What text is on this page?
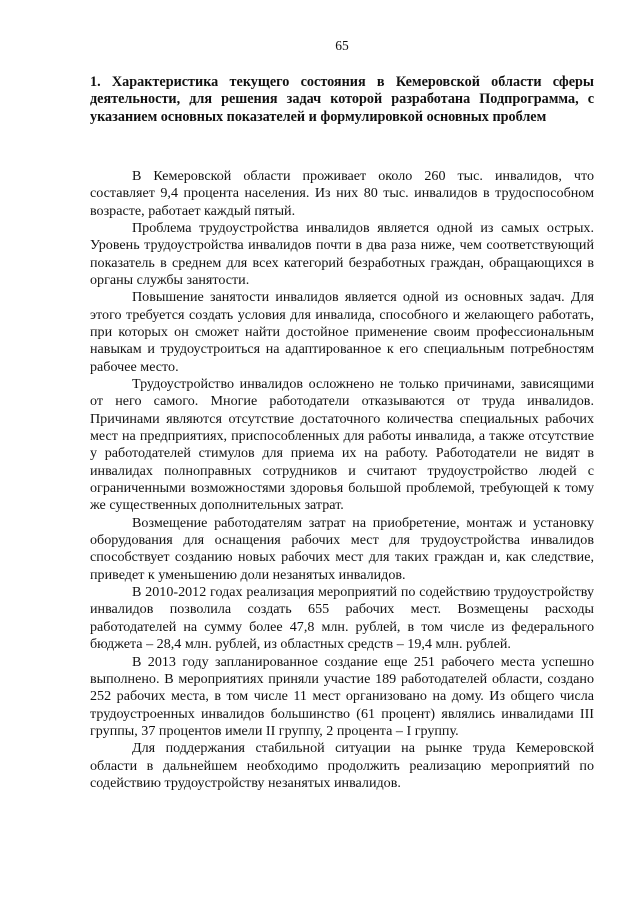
65
1. Характеристика текущего состояния в Кемеровской области сферы деятельности, для решения задач которой разработана Подпрограмма, с указанием основных показателей и формулировкой основных проблем

В Кемеровской области проживает около 260 тыс. инвалидов, что составляет 9,4 процента населения. Из них 80 тыс. инвалидов в трудоспособном возрасте, работает каждый пятый.

Проблема трудоустройства инвалидов является одной из самых острых. Уровень трудоустройства инвалидов почти в два раза ниже, чем соответствующий показатель в среднем для всех категорий безработных граждан, обращающихся в органы службы занятости.

Повышение занятости инвалидов является одной из основных задач. Для этого требуется создать условия для инвалида, способного и желающего работать, при которых он сможет найти достойное применение своим профессиональным навыкам и трудоустроиться на адаптированное к его специальным потребностям рабочее место.

Трудоустройство инвалидов осложнено не только причинами, зависящими от него самого. Многие работодатели отказываются от труда инвалидов. Причинами являются отсутствие достаточного количества специальных рабочих мест на предприятиях, приспособленных для работы инвалида, а также отсутствие у работодателей стимулов для приема их на работу. Работодатели не видят в инвалидах полноправных сотрудников и считают трудоустройство людей с ограниченными возможностями здоровья большой проблемой, требующей к тому же существенных дополнительных затрат.

Возмещение работодателям затрат на приобретение, монтаж и установку оборудования для оснащения рабочих мест для трудоустройства инвалидов способствует созданию новых рабочих мест для таких граждан и, как следствие, приведет к уменьшению доли незанятых инвалидов.

В 2010-2012 годах реализация мероприятий по содействию трудоустройству инвалидов позволила создать 655 рабочих мест. Возмещены расходы работодателей на сумму более 47,8 млн. рублей, в том числе из федерального бюджета – 28,4 млн. рублей, из областных средств – 19,4 млн. рублей.

В 2013 году запланированное создание еще 251 рабочего места успешно выполнено. В мероприятиях приняли участие 189 работодателей области, создано 252 рабочих места, в том числе 11 мест организовано на дому. Из общего числа трудоустроенных инвалидов большинство (61 процент) являлись инвалидами III группы, 37 процентов имели II группу, 2 процента – I группу.

Для поддержания стабильной ситуации на рынке труда Кемеровской области в дальнейшем необходимо продолжить реализацию мероприятий по содействию трудоустройству незанятых инвалидов.
